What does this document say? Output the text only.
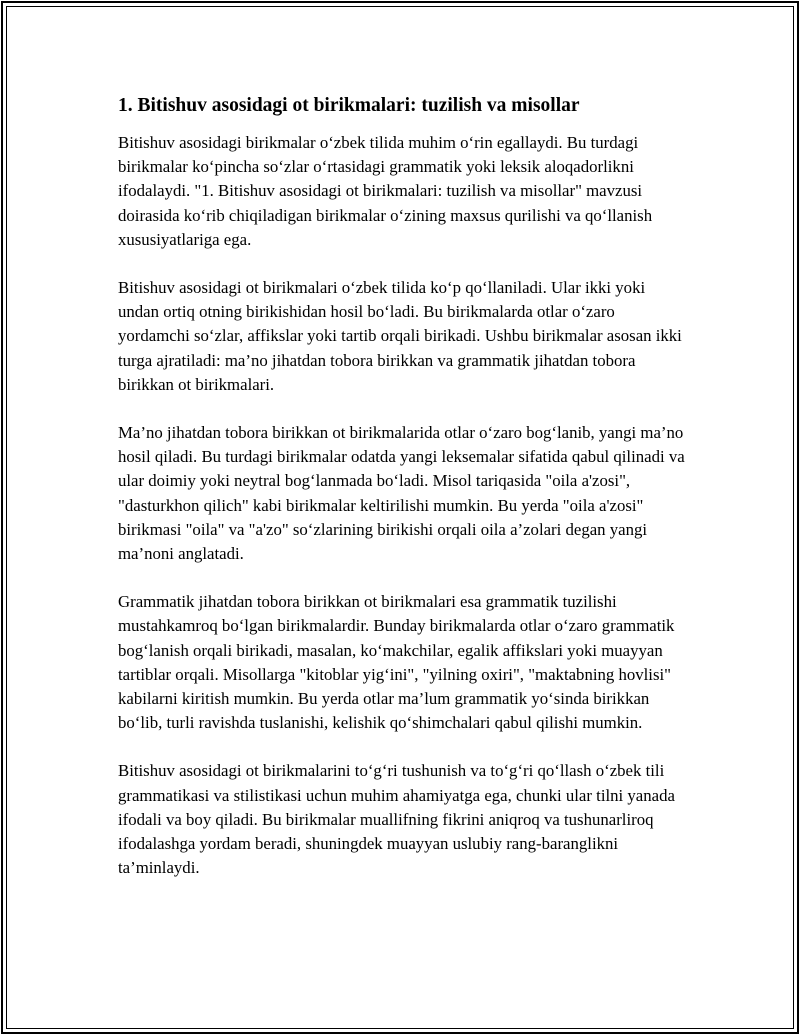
1. Bitishuv asosidagi ot birikmalari: tuzilish va misollar

Bitishuv asosidagi birikmalar o‘zbek tilida muhim o‘rin egallaydi. Bu turdagi birikmalar ko‘pincha so‘zlar o‘rtasidagi grammatik yoki leksik aloqadorlikni ifodalaydi. "1. Bitishuv asosidagi ot birikmalari: tuzilish va misollar" mavzusi doirasida ko‘rib chiqiladigan birikmalar o‘zining maxsus qurilishi va qo‘llanish xususiyatlariga ega.

Bitishuv asosidagi ot birikmalari o‘zbek tilida ko‘p qo‘llaniladi. Ular ikki yoki undan ortiq otning birikishidan hosil bo‘ladi. Bu birikmalarda otlar o‘zaro yordamchi so‘zlar, affikslar yoki tartib orqali birikadi. Ushbu birikmalar asosan ikki turga ajratiladi: ma’no jihatdan tobora birikkan va grammatik jihatdan tobora birikkan ot birikmalari.

Ma’no jihatdan tobora birikkan ot birikmalarida otlar o‘zaro bog‘lanib, yangi ma’no hosil qiladi. Bu turdagi birikmalar odatda yangi leksemalar sifatida qabul qilinadi va ular doimiy yoki neytral bog‘lanmada bo‘ladi. Misol tariqasida "oila a'zosi", "dasturkhon qilich" kabi birikmalar keltirilishi mumkin. Bu yerda "oila a'zosi" birikmasi "oila" va "a'zo" so‘zlarining birikishi orqali oila a’zolari degan yangi ma’noni anglatadi.

Grammatik jihatdan tobora birikkan ot birikmalari esa grammatik tuzilishi mustahkamroq bo‘lgan birikmalardir. Bunday birikmalarda otlar o‘zaro grammatik bog‘lanish orqali birikadi, masalan, ko‘makchilar, egalik affikslari yoki muayyan tartiblar orqali. Misollarga "kitoblar yig‘ini", "yilning oxiri", "maktabning hovlisi" kabilarni kiritish mumkin. Bu yerda otlar ma’lum grammatik yo‘sinda birikkan bo‘lib, turli ravishda tuslanishi, kelishik qo‘shimchalari qabul qilishi mumkin.

Bitishuv asosidagi ot birikmalarini to‘g‘ri tushunish va to‘g‘ri qo‘llash o‘zbek tili grammatikasi va stilistikasi uchun muhim ahamiyatga ega, chunki ular tilni yanada ifodali va boy qiladi. Bu birikmalar muallifning fikrini aniqroq va tushunarliroq ifodalashga yordam beradi, shuningdek muayyan uslubiy rang-baranglikni ta’minlaydi.
